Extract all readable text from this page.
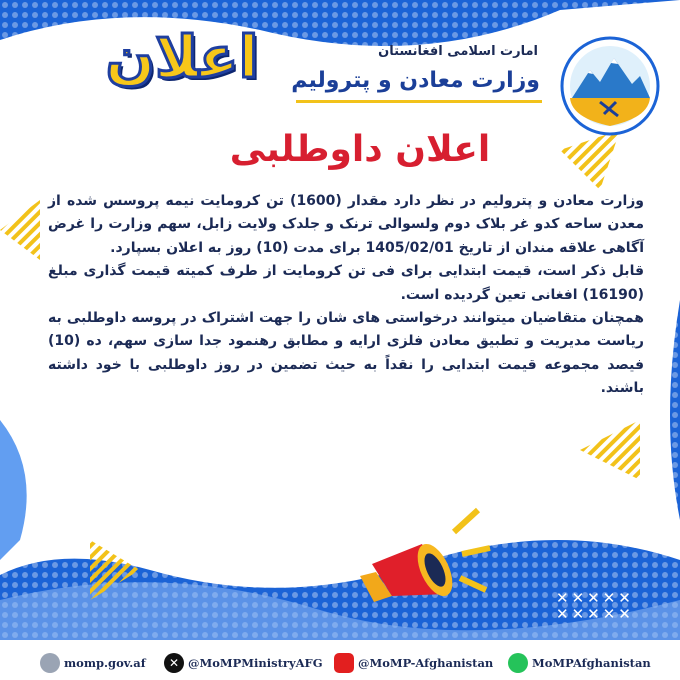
✕✕✕✕✕
✕✕✕✕✕
✕✕✕✕✕
✕✕✕✕✕
اعلان	امارت اسلامی افغانستان
وزارت معادن و پترولیم
اعلان داوطلبی

وزارت معادن و پترولیم در نظر دارد مقدار (1600) تن کرومایت نیمه پروسس شده از معدن ساحه کدو غر بلاک دوم ولسوالی ترنک و جلدک ولایت زابل، سهم وزارت را غرض آگاهی علاقه مندان از تاریخ 1405/02/01 برای مدت (10) روز به اعلان بسپارد.

قابل ذکر است، قیمت ابتدایی برای فی تن کرومایت از طرف کمیته قیمت گذاری مبلغ (16190) افغانی تعین گردیده است.

همچنان متقاضیان میتوانند درخواستی های شان را جهت اشتراک در پروسه داوطلبی به ریاست مدیریت و تطبیق معادن فلزی ارایه و مطابق رهنمود جدا سازی سهم، ده (10) فیصد مجموعه قیمت ابتدایی را نقداً به حیث تضمین در روز داوطلبی با خود داشته باشند.

momp.gov.af	✕ @MoMPMinistryAFG	@MoMP-Afghanistan	MoMPAfghanistan
